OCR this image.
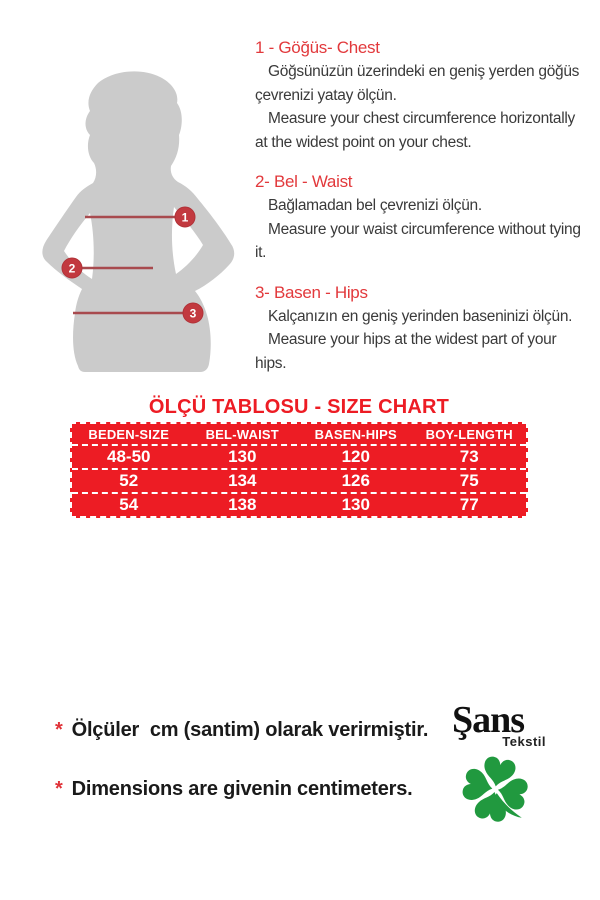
1
2
3
1 - Göğüs- Chest

Göğsünüzün üzerindeki en geniş yerden göğüs çevrenizi yatay ölçün.

Measure your chest circumference horizontally at the widest point on your chest.

2- Bel - Waist

Bağlamadan bel çevrenizi ölçün.

Measure your waist circumference without tying it.

3- Basen - Hips

Kalçanızın en geniş yerinden baseninizi ölçün.

Measure your hips at the widest part of your hips.

ÖLÇÜ TABLOSU - SIZE CHART
BEDEN-SIZE	BEL-WAIST	BASEN-HIPS	BOY-LENGTH
48-50	130	120	73
52	134	126	75
54	138	130	77
* Ölçüler  cm (santim) olarak verirmiştir.
* Dimensions are givenin centimeters.
Şans
Tekstil
